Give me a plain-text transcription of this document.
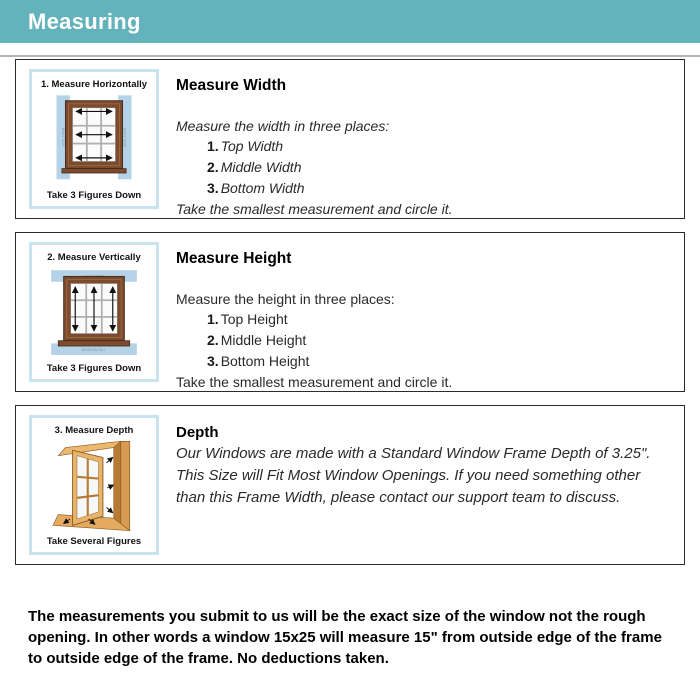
Measuring
1. Measure Horizontally
SIDE JAMB	SIDE JAMB
Take 3 Figures Down
Measure Width
Measure the width in three places:
Top Width
Middle Width
Bottom Width
Take the smallest measurement and circle it.
2. Measure Vertically
WINDOW SILL
Take 3 Figures Down
Measure Height
Measure the height in three places:
Top Height
Middle Height
Bottom Height
Take the smallest measurement and circle it.
3. Measure Depth
Take Several Figures
Depth
Our Windows are made with a Standard Window Frame Depth of 3.25". This Size will Fit Most Window Openings. If you need something other than this Frame Width, please contact our support team to discuss.

The measurements you submit to us will be the exact size of the window not the rough opening. In other words a window 15x25 will measure 15" from outside edge of the frame to outside edge of the frame. No deductions taken.
